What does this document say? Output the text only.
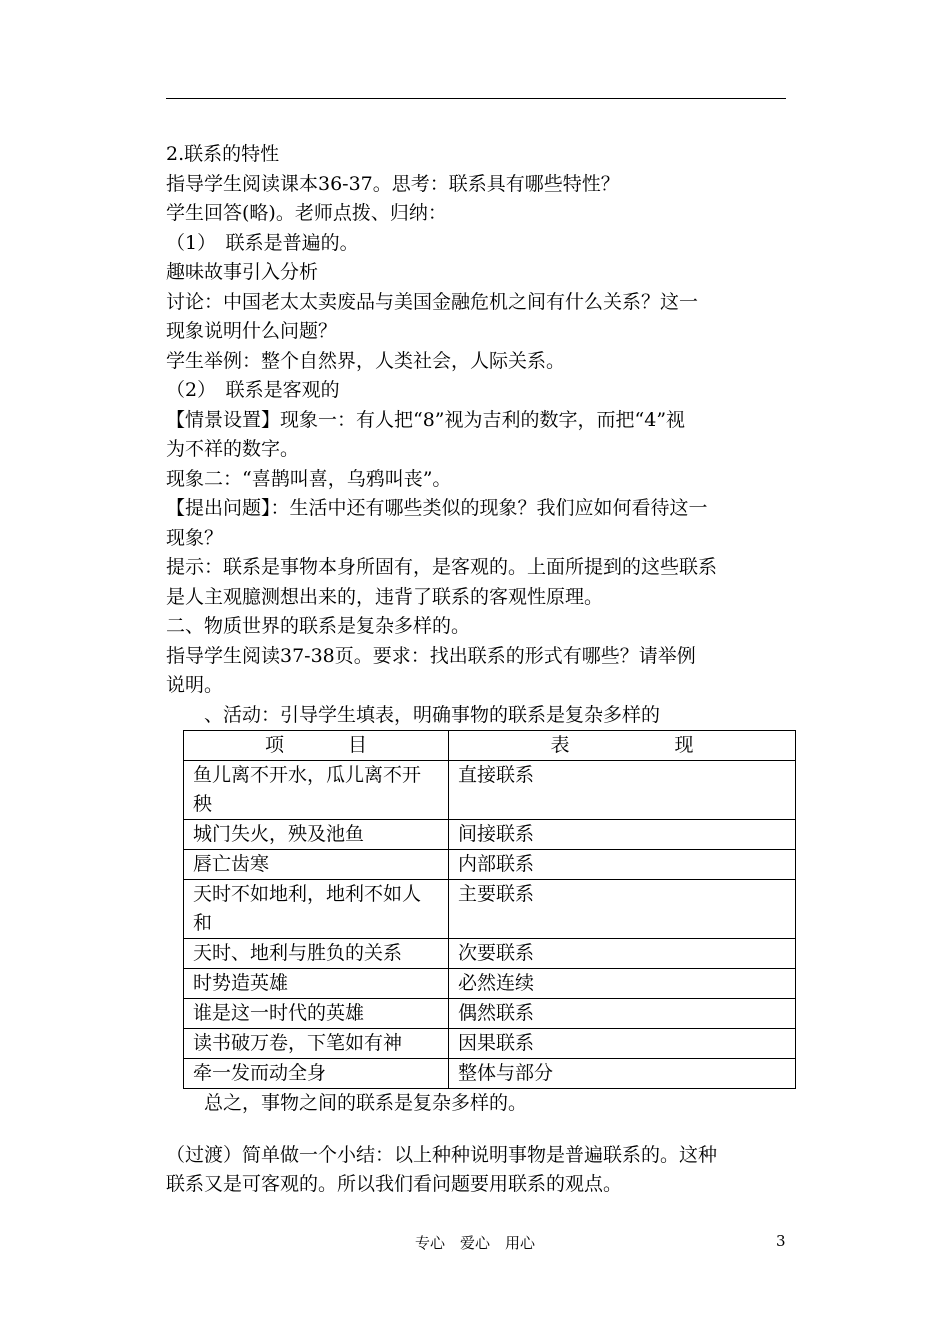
2.联系的特性
指导学生阅读课本36-37。思考：联系具有哪些特性？
学生回答(略)。老师点拨、归纳：
（1）　联系是普遍的。
趣味故事引入分析
讨论：中国老太太卖废品与美国金融危机之间有什么关系？这一
现象说明什么问题？
学生举例：整个自然界，人类社会，人际关系。
（2）　联系是客观的
【情景设置】现象一：有人把“8”视为吉利的数字，而把“4”视
为不祥的数字。
现象二：“喜鹊叫喜，乌鸦叫丧”。
【提出问题】：生活中还有哪些类似的现象？我们应如何看待这一
现象？
提示：联系是事物本身所固有，是客观的。上面所提到的这些联系
是人主观臆测想出来的，违背了联系的客观性原理。
二、物质世界的联系是复杂多样的。
指导学生阅读37-38页。要求：找出联系的形式有哪些？请举例
说明。
　　、活动：引导学生填表，明确事物的联系是复杂多样的
项 目	表 现

鱼儿离不开水，瓜儿离不开秧	直接联系
城门失火，殃及池鱼	间接联系
唇亡齿寒	内部联系
天时不如地利，地利不如人和	主要联系
天时、地利与胜负的关系	次要联系
时势造英雄	必然连续
谁是这一时代的英雄	偶然联系
读书破万卷，下笔如有神	因果联系
牵一发而动全身	整体与部分
　　总之，事物之间的联系是复杂多样的。
（过渡）简单做一个小结：以上种种说明事物是普遍联系的。这种
联系又是可客观的。所以我们看问题要用联系的观点。
专心　爱心　用心	3
